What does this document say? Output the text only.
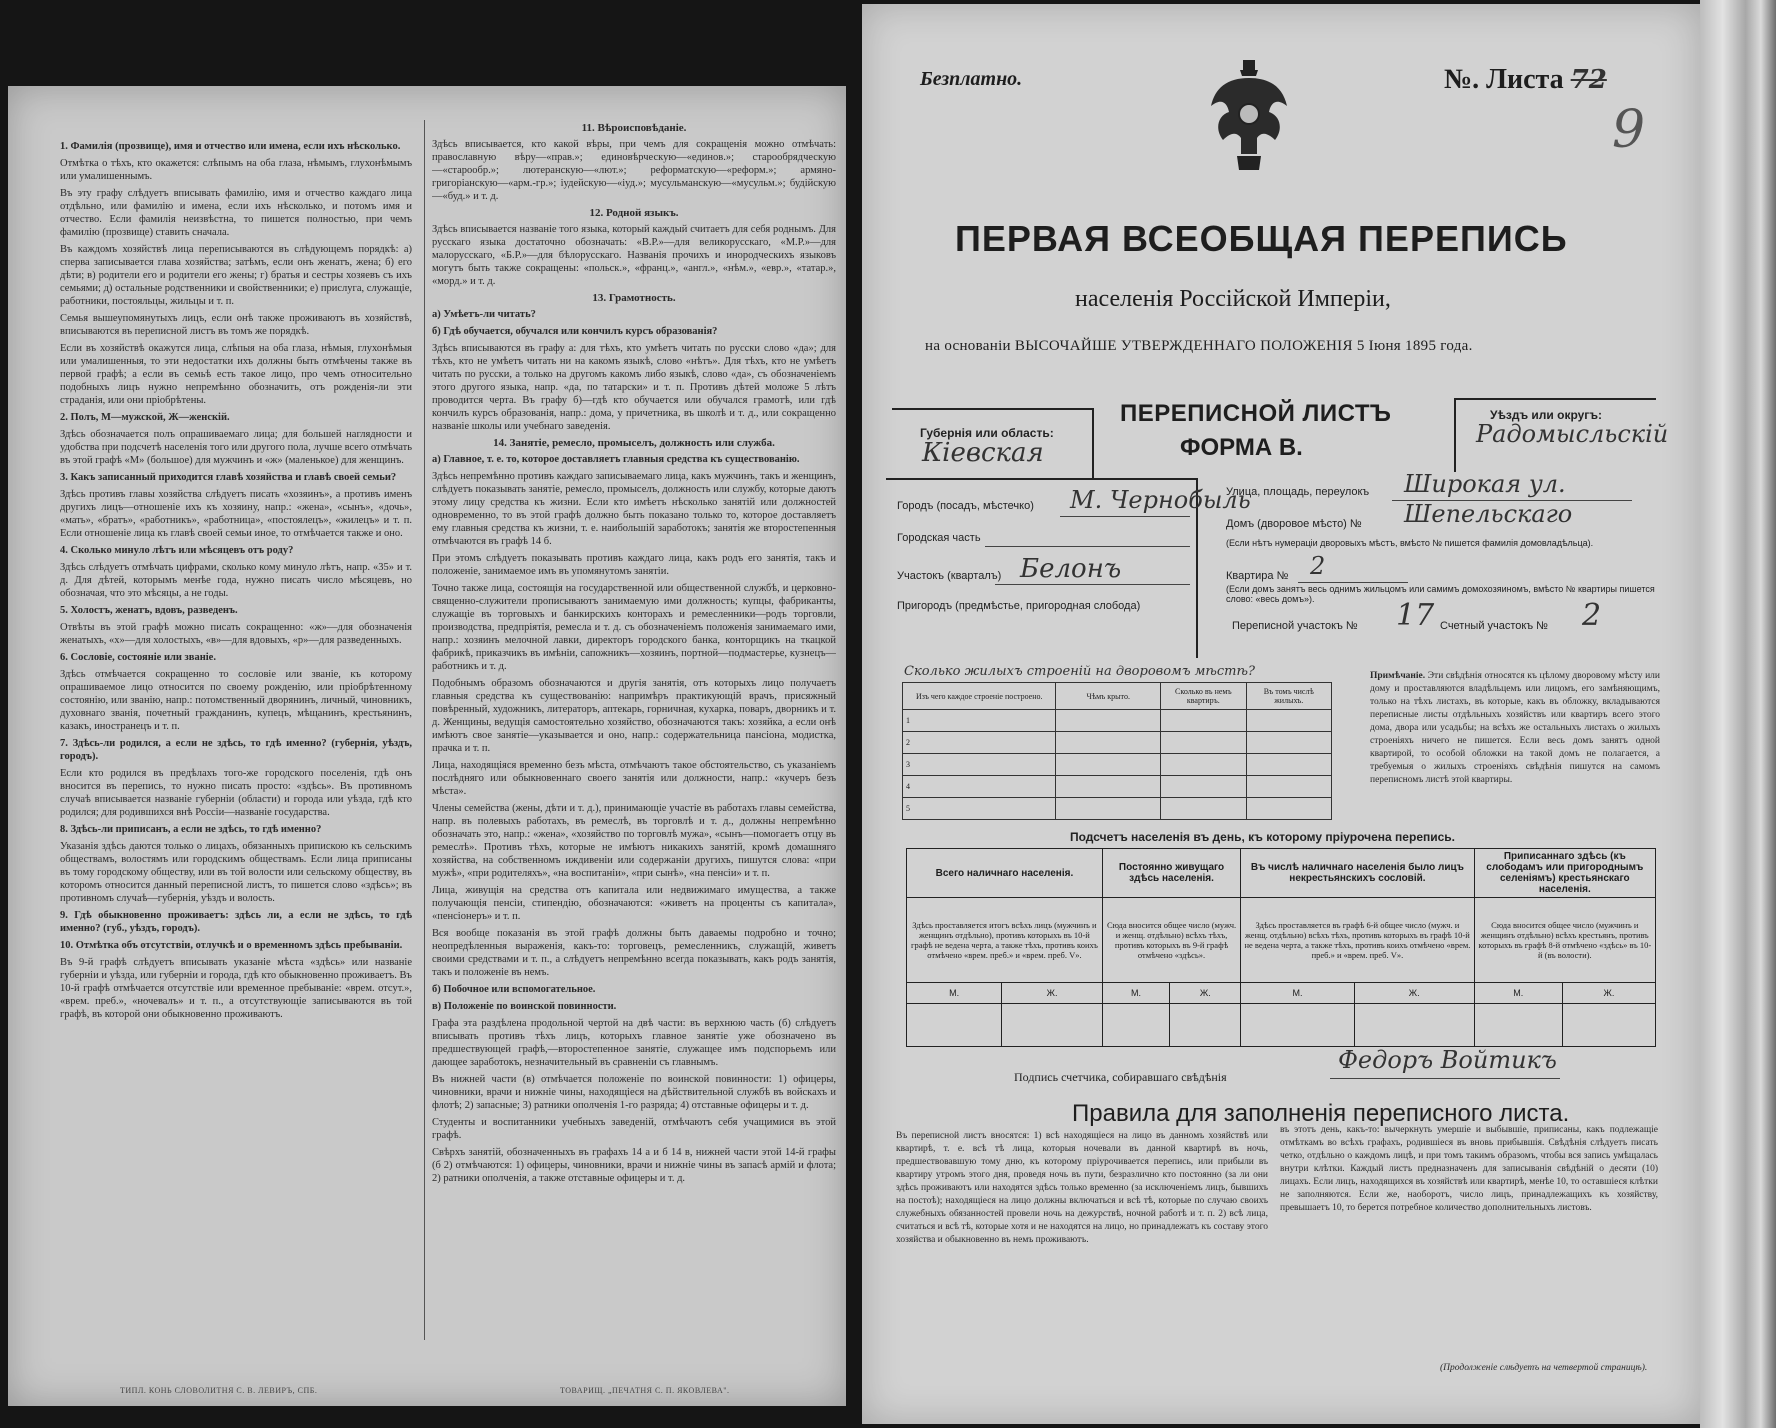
1. Фамилія (прозвище), имя и отчество или имена, если ихъ нѣсколько.

Отмѣтка о тѣхъ, кто окажется: слѣпымъ на оба глаза, нѣмымъ, глухонѣмымъ или умалишеннымъ.

Въ эту графу слѣдуетъ вписывать фамилію, имя и отчество каждаго лица отдѣльно, или фамилію и имена, если ихъ нѣсколько, и потомъ имя и отчество. Если фамилія неизвѣстна, то пишется полностью, при чемъ фамилію (прозвище) ставить сначала.

Въ каждомъ хозяйствѣ лица переписываются въ слѣдующемъ порядкѣ: а) сперва записывается глава хозяйства; затѣмъ, если онъ женатъ, жена; б) его дѣти; в) родители его и родители его жены; г) братья и сестры хозяевъ съ ихъ семьями; д) остальные родственники и свойственники; е) прислуга, служащіе, работники, постояльцы, жильцы и т. п.

Семья вышеупомянутыхъ лицъ, если онѣ также проживаютъ въ хозяйствѣ, вписываются въ переписной листъ въ томъ же порядкѣ.

Если въ хозяйствѣ окажутся лица, слѣпыя на оба глаза, нѣмыя, глухонѣмыя или умалишенныя, то эти недостатки ихъ должны быть отмѣчены также въ первой графѣ; а если въ семьѣ есть такое лицо, про чемъ относительно подобныхъ лицъ нужно непремѣнно обозначить, отъ рожденія-ли эти страданія, или они пріобрѣтены.

2. Полъ, М—мужской, Ж—женскій.

Здѣсь обозначается полъ опрашиваемаго лица; для большей наглядности и удобства при подсчетѣ населенія того или другого пола, лучше всего отмѣчать въ этой графѣ «М» (большое) для мужчинъ и «ж» (маленькое) для женщинъ.

3. Какъ записанный приходится главѣ хозяйства и главѣ своей семьи?

Здѣсь противъ главы хозяйства слѣдуетъ писать «хозяинъ», а противъ именъ другихъ лицъ—отношеніе ихъ къ хозяину, напр.: «жена», «сынъ», «дочь», «мать», «братъ», «работникъ», «работница», «постоялецъ», «жилецъ» и т. п. Если отношеніе лица къ главѣ своей семьи иное, то отмѣчается также и оно.

4. Сколько минуло лѣтъ или мѣсяцевъ отъ роду?

Здѣсь слѣдуетъ отмѣчать цифрами, сколько кому минуло лѣтъ, напр. «35» и т. д. Для дѣтей, которымъ менѣе года, нужно писать число мѣсяцевъ, но обозначая, что это мѣсяцы, а не годы.

5. Холостъ, женатъ, вдовъ, разведенъ.

Отвѣты въ этой графѣ можно писать сокращенно: «ж»—для обозначенія женатыхъ, «х»—для холостыхъ, «в»—для вдовыхъ, «р»—для разведенныхъ.

6. Сословіе, состояніе или званіе.

Здѣсь отмѣчается сокращенно то сословіе или званіе, къ которому опрашиваемое лицо относится по своему рожденію, или пріобрѣтенному состоянію, или званію, напр.: потомственный дворянинъ, личный, чиновникъ, духовнаго званія, почетный гражданинъ, купецъ, мѣщанинъ, крестьянинъ, казакъ, иностранецъ и т. п.

7. Здѣсь-ли родился, а если не здѣсь, то гдѣ именно? (губернія, уѣздъ, городъ).

Если кто родился въ предѣлахъ того-же городского поселенія, гдѣ онъ вносится въ перепись, то нужно писать просто: «здѣсь». Въ противномъ случаѣ вписывается названіе губерніи (области) и города или уѣзда, гдѣ кто родился; для родившихся внѣ Россіи—названіе государства.

8. Здѣсь-ли приписанъ, а если не здѣсь, то гдѣ именно?

Указанія здѣсь даются только о лицахъ, обязанныхъ припискою къ сельскимъ обществамъ, волостямъ или городскимъ обществамъ. Если лица приписаны въ тому городскому обществу, или въ той волости или сельскому обществу, въ которомъ относится данный переписной листъ, то пишется слово «здѣсь»; въ противномъ случаѣ—губернія, уѣздъ и волость.

9. Гдѣ обыкновенно проживаетъ: здѣсь ли, а если не здѣсь, то гдѣ именно? (губ., уѣздъ, городъ).

10. Отмѣтка объ отсутствіи, отлучкѣ и о временномъ здѣсь пребываніи.

Въ 9-й графѣ слѣдуетъ вписывать указаніе мѣста «здѣсь» или названіе губерніи и уѣзда, или губерніи и города, гдѣ кто обыкновенно проживаетъ. Въ 10-й графѣ отмѣчается отсутствіе или временное пребываніе: «врем. отсут.», «врем. преб.», «ночевалъ» и т. п., а отсутствующіе записываются въ той графѣ, въ которой они обыкновенно проживаютъ.

11. Вѣроисповѣданіе.

Здѣсь вписывается, кто какой вѣры, при чемъ для сокращенія можно отмѣчать: православную вѣру—«прав.»; единовѣрческую—«единов.»; старообрядческую—«старообр.»; лютеранскую—«лют.»; реформатскую—«реформ.»; армяно-григоріанскую—«арм.-гр.»; іудейскую—«іуд.»; мусульманскую—«мусульм.»; будійскую—«буд.» и т. д.

12. Родной языкъ.

Здѣсь вписывается названіе того языка, который каждый считаетъ для себя роднымъ. Для русскаго языка достаточно обозначать: «В.Р.»—для великорусскаго, «М.Р.»—для малорусскаго, «Б.Р.»—для бѣлорусскаго. Названія прочихъ и инородческихъ языковъ могутъ быть также сокращены: «польск.», «франц.», «англ.», «нѣм.», «евр.», «татар.», «морд.» и т. д.

13. Грамотность.

а) Умѣетъ-ли читать?

б) Гдѣ обучается, обучался или кончилъ курсъ образованія?

Здѣсь вписываются въ графу а: для тѣхъ, кто умѣетъ читать по русски слово «да»; для тѣхъ, кто не умѣетъ читать ни на какомъ языкѣ, слово «нѣтъ». Для тѣхъ, кто не умѣетъ читать по русски, а только на другомъ какомъ либо языкѣ, слово «да», съ обозначеніемъ этого другого языка, напр. «да, по татарски» и т. п. Противъ дѣтей моложе 5 лѣтъ проводится черта. Въ графу б)—гдѣ кто обучается или обучался грамотѣ, или гдѣ кончилъ курсъ образованія, напр.: дома, у причетника, въ школѣ и т. д., или сокращенно названіе школы или учебнаго заведенія.

14. Занятіе, ремесло, промыселъ, должность или служба.

а) Главное, т. е. то, которое доставляетъ главныя средства къ существованію.

Здѣсь непремѣнно противъ каждаго записываемаго лица, какъ мужчинъ, такъ и женщинъ, слѣдуетъ показывать занятіе, ремесло, промыселъ, должность или службу, которые даютъ этому лицу средства къ жизни. Если кто имѣетъ нѣсколько занятій или должностей одновременно, то въ этой графѣ должно быть показано только то, которое доставляетъ ему главныя средства къ жизни, т. е. наибольшій заработокъ; занятія же второстепенныя отмѣчаются въ графѣ 14 б.

При этомъ слѣдуетъ показывать противъ каждаго лица, какъ родъ его занятія, такъ и положеніе, занимаемое имъ въ упомянутомъ занятіи.

Точно также лица, состоящія на государственной или общественной службѣ, и церковно-священно-служители прописываютъ занимаемую ими должность; купцы, фабриканты, служащіе въ торговыхъ и банкирскихъ конторахъ и ремесленники—родъ торговли, производства, предпріятія, ремесла и т. д. съ обозначеніемъ положенія занимаемаго ими, напр.: хозяинъ мелочной лавки, директоръ городского банка, конторщикъ на ткацкой фабрикѣ, приказчикъ въ имѣніи, сапожникъ—хозяинъ, портной—подмастерье, кузнецъ—работникъ и т. д.

Подобнымъ образомъ обозначаются и другія занятія, отъ которыхъ лицо получаетъ главныя средства къ существованію: напримѣръ практикующій врачъ, присяжный повѣренный, художникъ, литераторъ, аптекарь, горничная, кухарка, поваръ, дворникъ и т. д. Женщины, ведущія самостоятельно хозяйство, обозначаются такъ: хозяйка, а если онѣ имѣютъ свое занятіе—указывается и оно, напр.: содержательница пансіона, модистка, прачка и т. п.

Лица, находящіяся временно безъ мѣста, отмѣчаютъ такое обстоятельство, съ указаніемъ послѣдняго или обыкновеннаго своего занятія или должности, напр.: «кучеръ безъ мѣста».

Члены семейства (жены, дѣти и т. д.), принимающіе участіе въ работахъ главы семейства, напр. въ полевыхъ работахъ, въ ремеслѣ, въ торговлѣ и т. д., должны непремѣнно обозначать это, напр.: «жена», «хозяйство по торговлѣ мужа», «сынъ—помогаетъ отцу въ ремеслѣ». Противъ тѣхъ, которые не имѣютъ никакихъ занятій, кромѣ домашняго хозяйства, на собственномъ иждивеніи или содержаніи другихъ, пишутся слова: «при мужѣ», «при родителяхъ», «на воспитаніи», «при сынѣ», «на пенсіи» и т. п.

Лица, живущія на средства отъ капитала или недвижимаго имущества, а также получающія пенсіи, стипендію, обозначаются: «живетъ на проценты съ капитала», «пенсіонеръ» и т. п.

Вся вообще показанія въ этой графѣ должны быть даваемы подробно и точно; неопредѣленныя выраженія, какъ-то: торговецъ, ремесленникъ, служащій, живетъ своими средствами и т. п., а слѣдуетъ непремѣнно всегда показывать, какъ родъ занятія, такъ и положеніе въ немъ.

б) Побочное или вспомогательное.

в) Положеніе по воинской повинности.

Графа эта раздѣлена продольной чертой на двѣ части: въ верхнюю часть (б) слѣдуетъ вписывать противъ тѣхъ лицъ, которыхъ главное занятіе уже обозначено въ предшествующей графѣ,—второстепенное занятіе, служащее имъ подспорьемъ или дающее заработокъ, незначительный въ сравненіи съ главнымъ.

Въ нижней части (в) отмѣчается положеніе по воинской повинности: 1) офицеры, чиновники, врачи и нижніе чины, находящіеся на дѣйствительной службѣ въ войскахъ и флотѣ; 2) запасные; 3) ратники ополченія 1-го разряда; 4) отставные офицеры и т. д.

Студенты и воспитанники учебныхъ заведеній, отмѣчаютъ себя учащимися въ этой графѣ.

Свѣрхъ занятій, обозначенныхъ въ графахъ 14 а и б 14 в, нижней части этой 14-й графы (б 2) отмѣчаются: 1) офицеры, чиновники, врачи и нижніе чины въ запасѣ армій и флота; 2) ратники ополченія, а также отставные офицеры и т. д.

ТИПЛ. КОНЬ СЛОВОЛИТНЯ С. В. ЛЕВИРЪ, СПБ.	ТОВАРИЩ. „ПЕЧАТНЯ С. П. ЯКОВЛЕВА".
Безплатно.	№. Листа 72
9
ПЕРВАЯ ВСЕОБЩАЯ ПЕРЕПИСЬ
населенія Россійской Имперіи,
на основаніи ВЫСОЧАЙШЕ УТВЕРЖДЕННАГО ПОЛОЖЕНІЯ 5 Іюня 1895 года.
Губернія или область:
Кіевская
ПЕРЕПИСНОЙ ЛИСТЪ
ФОРМА В.
Уѣздъ или округъ:
Радомысльскій
Городъ (посадъ, мѣстечко) М. Чернобыль
Городская часть
Участокъ (кварталъ) Белонъ
Пригородъ (предмѣстье, пригородная слобода)
Улица, площадь, переулокъ Широкая ул.
Домъ (дворовое мѣсто) № Шепельскаго
(Если нѣтъ нумераціи дворовыхъ мѣстъ, вмѣсто № пишется фамилія домовладѣльца).
Квартира № 2
(Если домъ занятъ весь однимъ жильцомъ или самимъ домохозяиномъ, вмѣсто № квартиры пишется слово: «весь домъ»).
Переписной участокъ № 17 Счетный участокъ № 2
Сколько жилыхъ строеній на дворовомъ мѣстѣ?
Изъ чего каждое строеніе построено.	Чѣмъ крыто.	Сколько въ немъ квартиръ.	Въ томъ числѣ жилыхъ.
1			
2			
3			
4			
5			
Примѣчаніе. Эти свѣдѣнія относятся къ цѣлому дворовому мѣсту или дому и проставляются владѣльцемъ или лицомъ, его замѣняющимъ, только на тѣхъ листахъ, въ которые, какъ въ обложку, вкладываются переписные листы отдѣльныхъ хозяйствъ или квартиръ всего этого дома, двора или усадьбы; на всѣхъ же остальныхъ листахъ о жилыхъ строеніяхъ ничего не пишется. Если весь домъ занятъ одной квартирой, то особой обложки на такой домъ не полагается, а требуемыя о жилыхъ строеніяхъ свѣдѣнія пишутся на самомъ переписномъ листѣ этой квартиры.
Подсчетъ населенія въ день, къ которому пріурочена перепись.
Всего наличнаго населенія.		Постоянно живущаго здѣсь населенія.		Въ числѣ наличнаго населенія было лицъ некрестьянскихъ сословій.		Приписаннаго здѣсь (къ слободамъ или пригороднымъ селеніямъ) крестьянскаго населенія.	
Здѣсь проставляется итогъ всѣхъ лицъ (мужчинъ и женщинъ отдѣльно), противъ которыхъ въ 10-й графѣ не ведена черта, а также тѣхъ, противъ коихъ отмѣчено «врем. преб.» и «врем. преб. V».		Сюда вносится общее число (мужч. и женщ. отдѣльно) всѣхъ тѣхъ, противъ которыхъ въ 9-й графѣ отмѣчено «здѣсь».		Здѣсь проставляется въ графѣ 6-й общее число (мужч. и женщ. отдѣльно) всѣхъ тѣхъ, противъ которыхъ въ графѣ 10-й не ведена черта, а также тѣхъ, противъ коихъ отмѣчено «врем. преб.» и «врем. преб. V».		Сюда вносится общее число (мужчинъ и женщинъ отдѣльно) всѣхъ крестьянъ, противъ которыхъ въ графѣ 8-й отмѣчено «здѣсь» въ 10-й (въ волости).	
М.	Ж.	М.	Ж.	М.	Ж.	М.	Ж.

Подпись счетчика, собиравшаго свѣдѣнія
Федоръ Войтикъ
Правила для заполненія переписного листа.
Въ переписной листъ вносятся: 1) всѣ находящіеся на лицо въ данномъ хозяйствѣ или квартирѣ, т. е. всѣ тѣ лица, которыя ночевали въ данной квартирѣ въ ночь, предшествовавшую тому дню, къ которому пріурочивается перепись, или прибыли въ квартиру утромъ этого дня, проведя ночь въ пути, безразлично кто постоянно (за ли они здѣсь проживаютъ или находятся здѣсь только временно (за исключеніемъ лицъ, бывшихъ на постоѣ); находящіеся на лицо должны включаться и всѣ тѣ, которые по случаю своихъ служебныхъ обязанностей провели ночь на дежурствѣ, ночной работѣ и т. п. 2) всѣ лица, считаться и всѣ тѣ, которые хотя и не находятся на лицо, но принадлежатъ къ составу этого хозяйства и обыкновенно въ немъ проживаютъ.
въ этотъ день, какъ-то: вычеркнуть умершіе и выбывшіе, приписаны, какъ подлежащіе отмѣткамъ во всѣхъ графахъ, родившіеся въ вновь прибывшія. Свѣдѣнія слѣдуетъ писать четко, отдѣльно о каждомъ лицѣ, и при томъ такимъ образомъ, чтобы вся запись умѣщалась внутри клѣтки. Каждый листъ предназначенъ для записыванія свѣдѣній о десяти (10) лицахъ. Если лицъ, находящихся въ хозяйствѣ или квартирѣ, менѣе 10, то оставшіеся клѣтки не заполняются. Если же, наоборотъ, число лицъ, принадлежащихъ къ хозяйству, превышаетъ 10, то берется потребное количество дополнительныхъ листовъ.
(Продолженіе слѣдуетъ на четвертой страницѣ).
